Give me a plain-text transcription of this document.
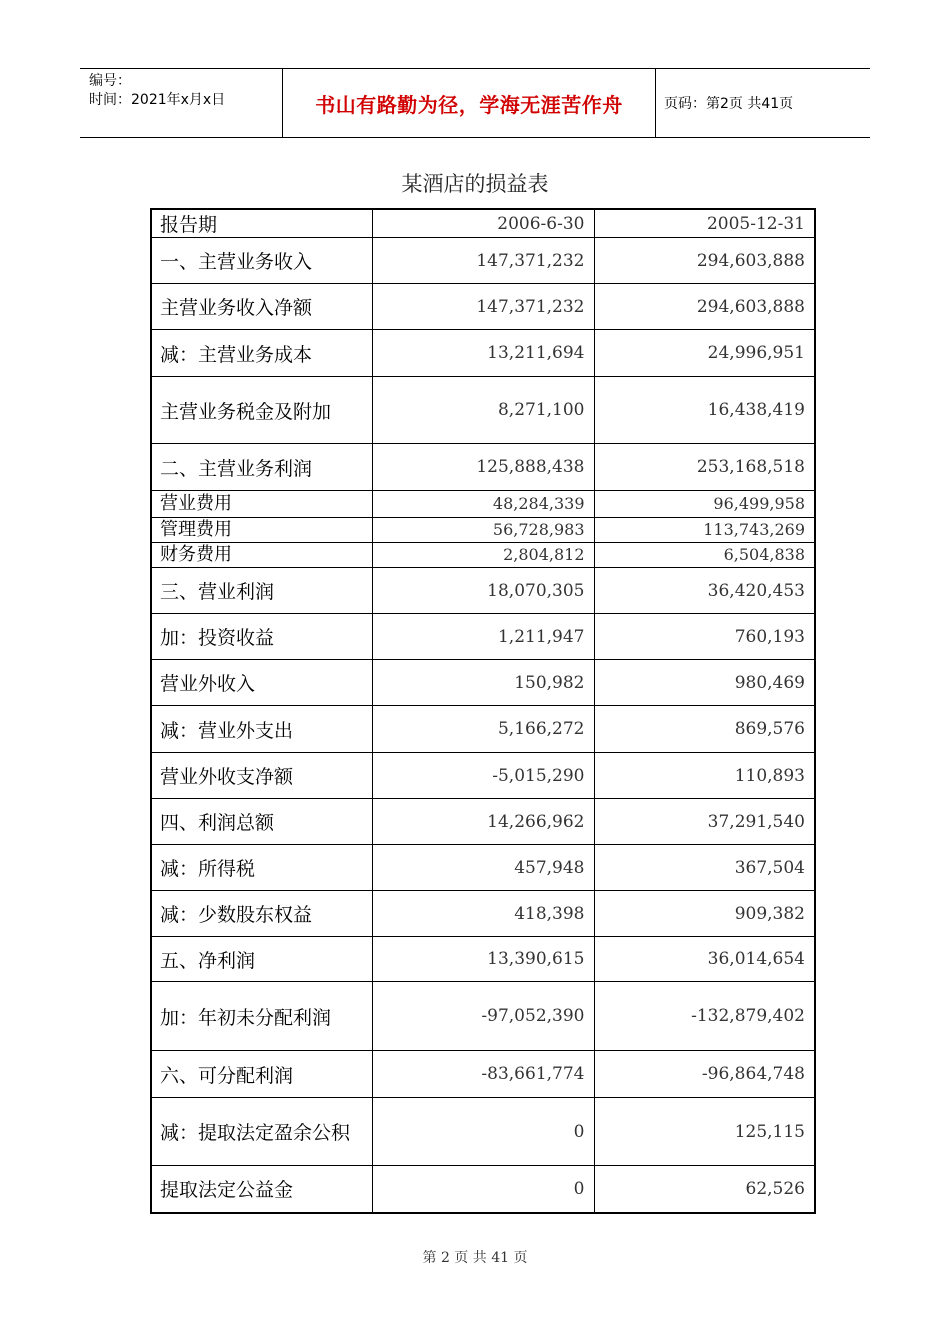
编号：
时间：2021年x月x日	书山有路勤为径，学海无涯苦作舟	页码：第2页 共41页
某酒店的损益表
报告期	2006-6-30	2005-12-31
一、主营业务收入	147,371,232	294,603,888
主营业务收入净额	147,371,232	294,603,888
减：主营业务成本	13,211,694	24,996,951
主营业务税金及附加	8,271,100	16,438,419
二、主营业务利润	125,888,438	253,168,518
营业费用	48,284,339	96,499,958
管理费用	56,728,983	113,743,269
财务费用	2,804,812	6,504,838
三、营业利润	18,070,305	36,420,453
加：投资收益	1,211,947	760,193
营业外收入	150,982	980,469
减：营业外支出	5,166,272	869,576
营业外收支净额	-5,015,290	110,893
四、利润总额	14,266,962	37,291,540
减：所得税	457,948	367,504
减：少数股东权益	418,398	909,382
五、净利润	13,390,615	36,014,654
加：年初未分配利润	-97,052,390	-132,879,402
六、可分配利润	-83,661,774	-96,864,748
减：提取法定盈余公积	0	125,115
提取法定公益金	0	62,526
第 2 页 共 41 页
